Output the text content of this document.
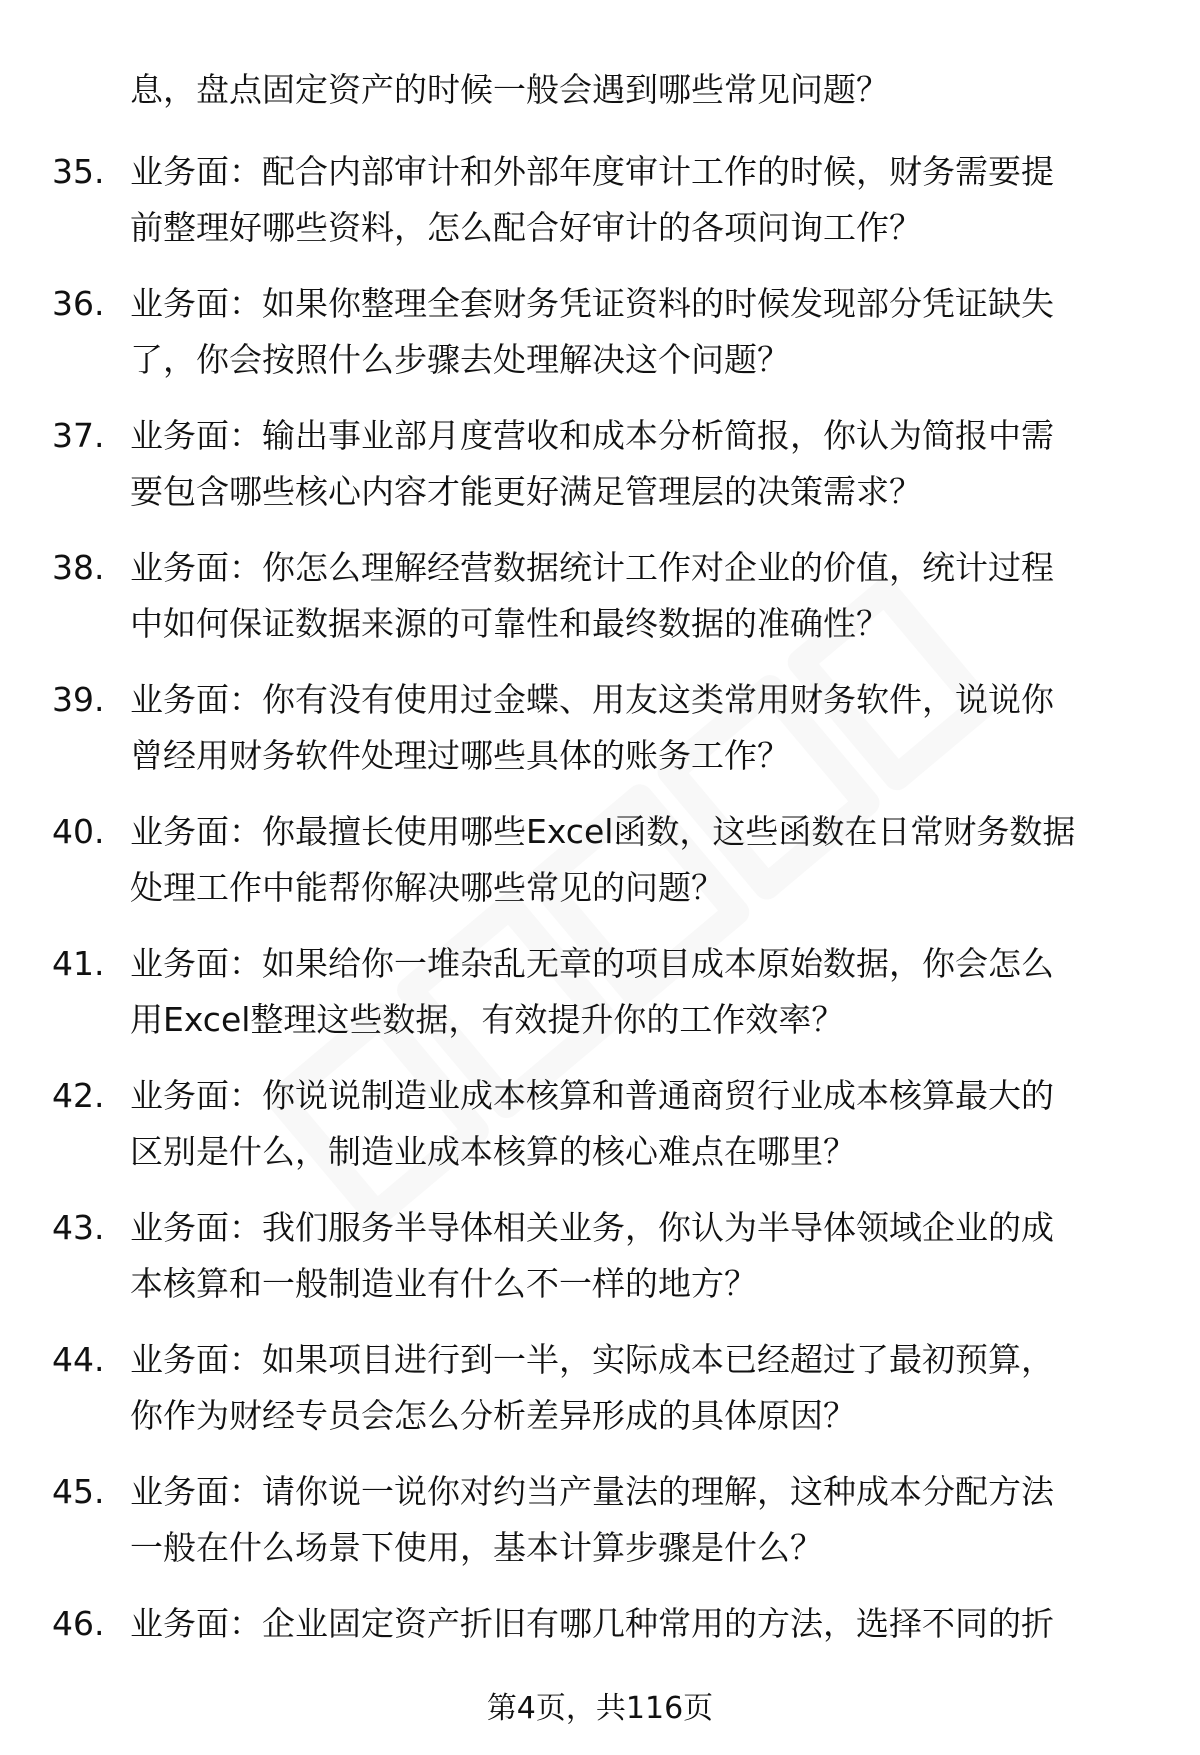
息，盘点固定资产的时候一般会遇到哪些常见问题？
35. 业务面：配合内部审计和外部年度审计工作的时候，财务需要提
前整理好哪些资料，怎么配合好审计的各项问询工作？
36. 业务面：如果你整理全套财务凭证资料的时候发现部分凭证缺失
了，你会按照什么步骤去处理解决这个问题？
37. 业务面：输出事业部月度营收和成本分析简报，你认为简报中需
要包含哪些核心内容才能更好满足管理层的决策需求？
38. 业务面：你怎么理解经营数据统计工作对企业的价值，统计过程
中如何保证数据来源的可靠性和最终数据的准确性？
39. 业务面：你有没有使用过金蝶、用友这类常用财务软件，说说你
曾经用财务软件处理过哪些具体的账务工作？
40. 业务面：你最擅长使用哪些Excel函数，这些函数在日常财务数据
处理工作中能帮你解决哪些常见的问题？
41. 业务面：如果给你一堆杂乱无章的项目成本原始数据，你会怎么
用Excel整理这些数据，有效提升你的工作效率？
42. 业务面：你说说制造业成本核算和普通商贸行业成本核算最大的
区别是什么，制造业成本核算的核心难点在哪里？
43. 业务面：我们服务半导体相关业务，你认为半导体领域企业的成
本核算和一般制造业有什么不一样的地方？
44. 业务面：如果项目进行到一半，实际成本已经超过了最初预算，
你作为财经专员会怎么分析差异形成的具体原因？
45. 业务面：请你说一说你对约当产量法的理解，这种成本分配方法
一般在什么场景下使用，基本计算步骤是什么？
46. 业务面：企业固定资产折旧有哪几种常用的方法，选择不同的折
第4页，共116页
